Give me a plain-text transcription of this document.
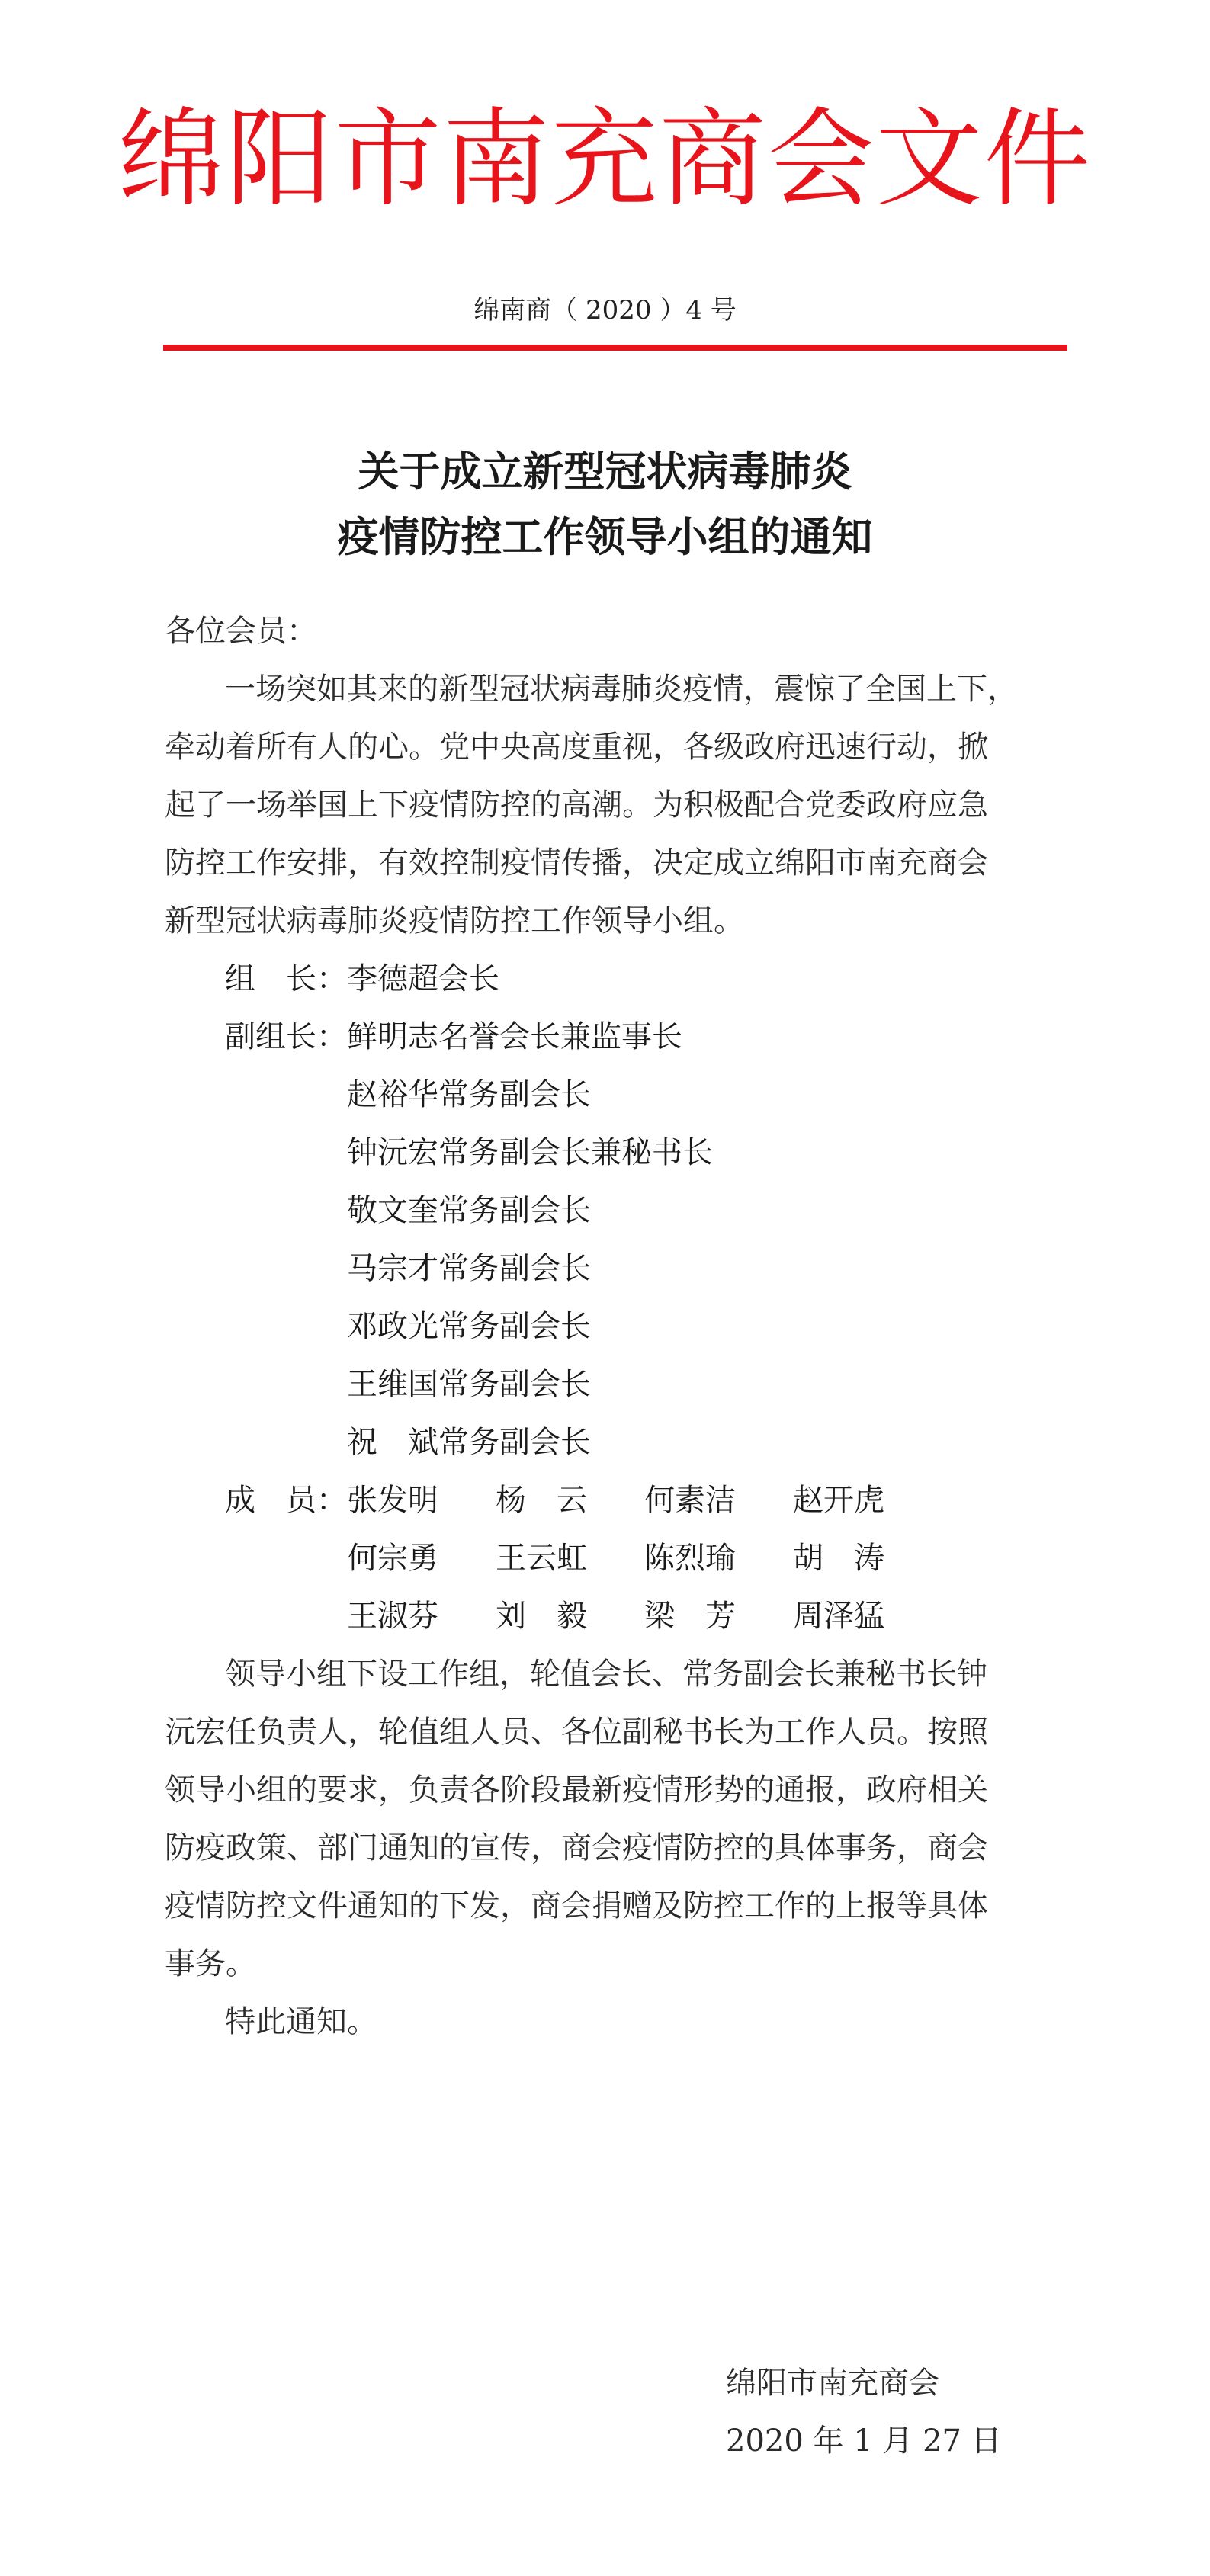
绵阳市南充商会文件
绵南商（ 2020 ）4 号
关于成立新型冠状病毒肺炎
疫情防控工作领导小组的通知
各位会员：
一场突如其来的新型冠状病毒肺炎疫情，震惊了全国上下，
牵动着所有人的心。党中央高度重视，各级政府迅速行动，掀
起了一场举国上下疫情防控的高潮。为积极配合党委政府应急
防控工作安排，有效控制疫情传播，决定成立绵阳市南充商会
新型冠状病毒肺炎疫情防控工作领导小组。
组　长： 李德超会长
副组长： 鲜明志名誉会长兼监事长
赵裕华常务副会长
钟沅宏常务副会长兼秘书长
敬文奎常务副会长
马宗才常务副会长
邓政光常务副会长
王维国常务副会长
祝　斌常务副会长
成　员： 张发明 杨　云 何素洁 赵开虎
何宗勇 王云虹 陈烈瑜 胡　涛
王淑芬 刘　毅 梁　芳 周泽猛
领导小组下设工作组，轮值会长、常务副会长兼秘书长钟
沅宏任负责人，轮值组人员、各位副秘书长为工作人员。按照
领导小组的要求，负责各阶段最新疫情形势的通报，政府相关
防疫政策、部门通知的宣传，商会疫情防控的具体事务，商会
疫情防控文件通知的下发，商会捐赠及防控工作的上报等具体
事务。
特此通知。
绵阳市南充商会
2020 年 1 月 27 日
